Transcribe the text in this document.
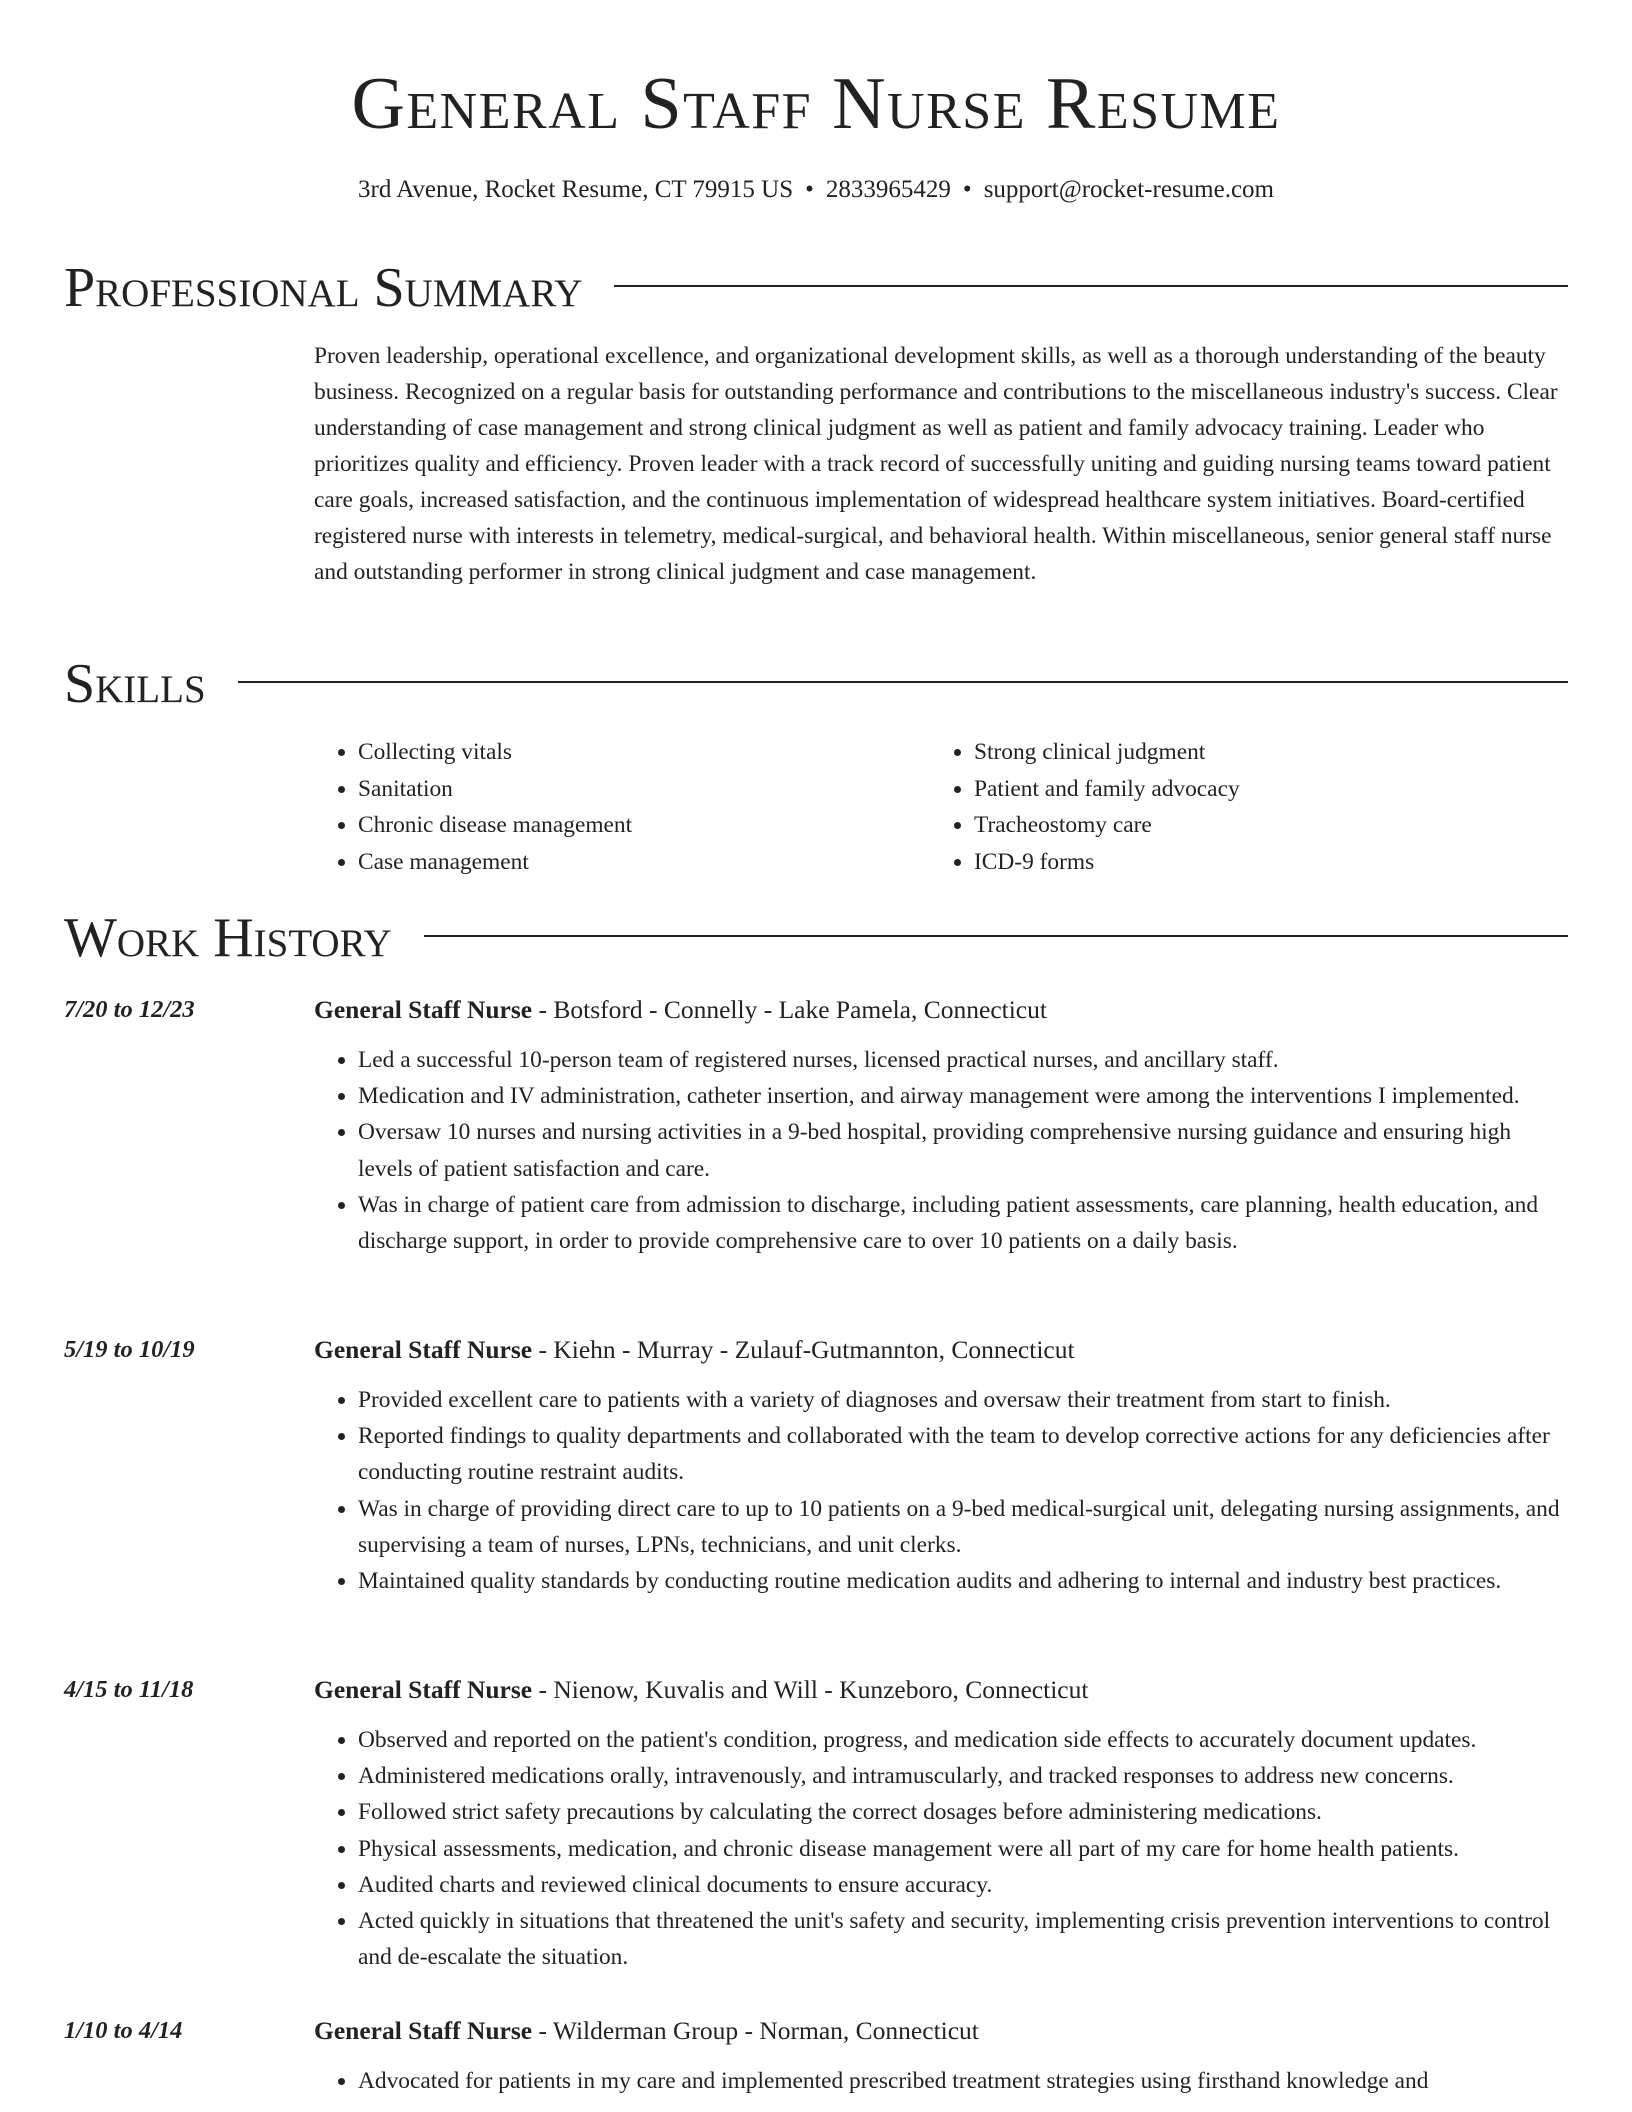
General Staff Nurse Resume
3rd Avenue, Rocket Resume, CT 79915 US • 2833965429 • support@rocket-resume.com
Professional Summary

Proven leadership, operational excellence, and organizational development skills, as well as a thorough understanding of the beauty business. Recognized on a regular basis for outstanding performance and contributions to the miscellaneous industry's success. Clear understanding of case management and strong clinical judgment as well as patient and family advocacy training. Leader who prioritizes quality and efficiency. Proven leader with a track record of successfully uniting and guiding nursing teams toward patient care goals, increased satisfaction, and the continuous implementation of widespread healthcare system initiatives. Board-certified registered nurse with interests in telemetry, medical-surgical, and behavioral health. Within miscellaneous, senior general staff nurse and outstanding performer in strong clinical judgment and case management.

Skills
• Collecting vitals
• Sanitation
• Chronic disease management
• Case management
• Strong clinical judgment
• Patient and family advocacy
• Tracheostomy care
• ICD-9 forms
Work History
7/20 to 12/23	General Staff Nurse - Botsford - Connelly - Lake Pamela, Connecticut
• Led a successful 10-person team of registered nurses, licensed practical nurses, and ancillary staff.
• Medication and IV administration, catheter insertion, and airway management were among the interventions I implemented.
• Oversaw 10 nurses and nursing activities in a 9-bed hospital, providing comprehensive nursing guidance and ensuring high levels of patient satisfaction and care.
• Was in charge of patient care from admission to discharge, including patient assessments, care planning, health education, and discharge support, in order to provide comprehensive care to over 10 patients on a daily basis.
5/19 to 10/19	General Staff Nurse - Kiehn - Murray - Zulauf-Gutmannton, Connecticut
• Provided excellent care to patients with a variety of diagnoses and oversaw their treatment from start to finish.
• Reported findings to quality departments and collaborated with the team to develop corrective actions for any deficiencies after conducting routine restraint audits.
• Was in charge of providing direct care to up to 10 patients on a 9-bed medical-surgical unit, delegating nursing assignments, and supervising a team of nurses, LPNs, technicians, and unit clerks.
• Maintained quality standards by conducting routine medication audits and adhering to internal and industry best practices.
4/15 to 11/18	General Staff Nurse - Nienow, Kuvalis and Will - Kunzeboro, Connecticut
• Observed and reported on the patient's condition, progress, and medication side effects to accurately document updates.
• Administered medications orally, intravenously, and intramuscularly, and tracked responses to address new concerns.
• Followed strict safety precautions by calculating the correct dosages before administering medications.
• Physical assessments, medication, and chronic disease management were all part of my care for home health patients.
• Audited charts and reviewed clinical documents to ensure accuracy.
• Acted quickly in situations that threatened the unit's safety and security, implementing crisis prevention interventions to control and de-escalate the situation.
1/10 to 4/14	General Staff Nurse - Wilderman Group - Norman, Connecticut
• Advocated for patients in my care and implemented prescribed treatment strategies using firsthand knowledge and
